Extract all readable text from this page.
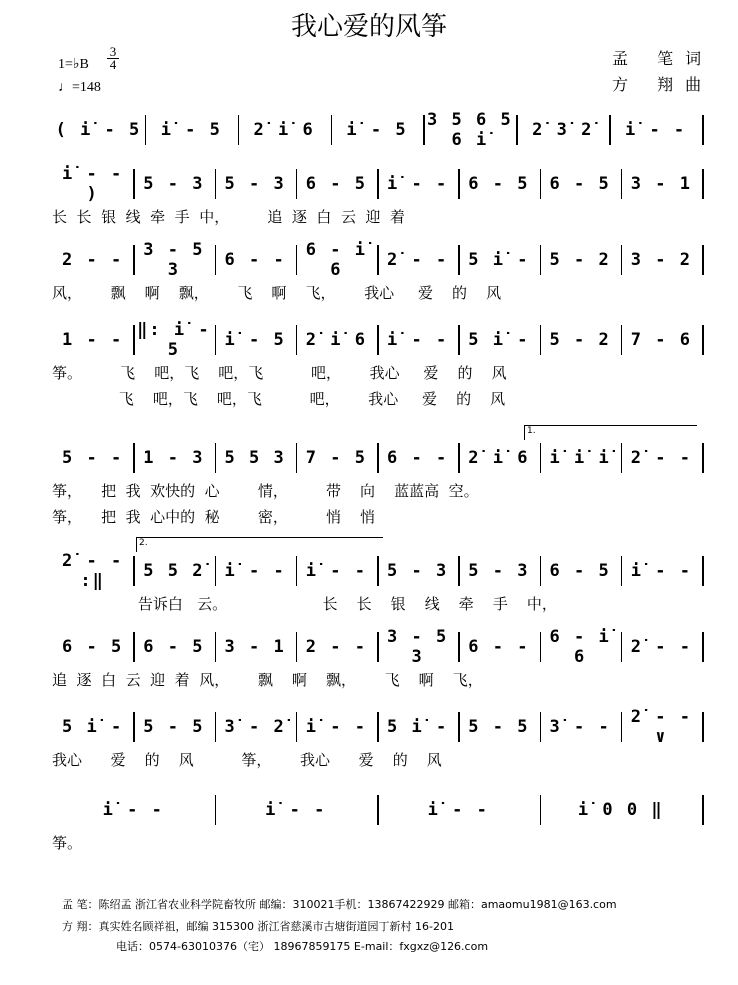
我心爱的风筝
1=♭B $\frac{3}{4}$
♩=148
孟 笔词
方 翔曲
( i̇ - 5	i̇ - 5	2̇ i̇ 6	i̇ - 5	3 5 6 5 6 i̇	2̇ 3̇ 2̇	i̇ - -
i̇ - - )	5 - 3	5 - 3	6 - 5	i̇ - -	6 - 5	6 - 5	3 - 1
长  长  银  线  牵  手  中，        追  逐  白  云  迎  着
2 - -	3 - 5 3	6 - -	6 - i̇ 6	2̇ - -	5 i̇ -	5 - 2	3 - 2
风，      飘    啊    飘，      飞    啊    飞，      我心     爱    的    风
1 - - ‖: i̇ - 5	i̇ - 5	2̇ i̇ 6	i̇ - -	5 i̇ -	5 - 2	7 - 6
筝。        飞    吧，飞    吧，飞          吧，      我心     爱    的    风
飞    吧，飞    吧，飞          吧，      我心     爱    的    风
5 - -	1 - 3	5 5 3	7 - 5	6 - -	2̇ i̇ 6	i̇ i̇ i̇	2̇ - -
筝，    把  我  欢快的  心        情，        带    向    蓝蓝高  空。
筝，    把  我  心中的  秘        密，        悄    悄
2̇ - - :‖	5 5 2̇	i̇ - -	i̇ - -	5 - 3	5 - 3	6 - 5	i̇ - -
告诉白   云。                    长    长    银    线    牵    手    中，
6 - 5	6 - 5	3 - 1	2 - -	3 - 5 3	6 - -	6 - i̇ 6	2̇ - -
追  逐  白  云  迎  着  风，      飘    啊    飘，      飞    啊    飞，
5 i̇ -	5 - 5	3̇ - 2̇	i̇ - -	5 i̇ -	5 - 5	3̇ - -	2̇ - - ∨
我心      爱    的    风          筝，      我心      爱    的    风
i̇ - -	i̇ - -	i̇ - -	i̇ 0 0 ‖
筝。
1.
2.
孟 笔：陈绍孟 浙江省农业科学院畜牧所 邮编：310021手机：13867422929 邮箱：amaomu1981@163.com
方 翔：真实姓名顾祥祖，邮编 315300 浙江省慈溪市古塘街道园丁新村 16-201
电话：0574-63010376（宅） 18967859175 E-mail：fxgxz@126.com
